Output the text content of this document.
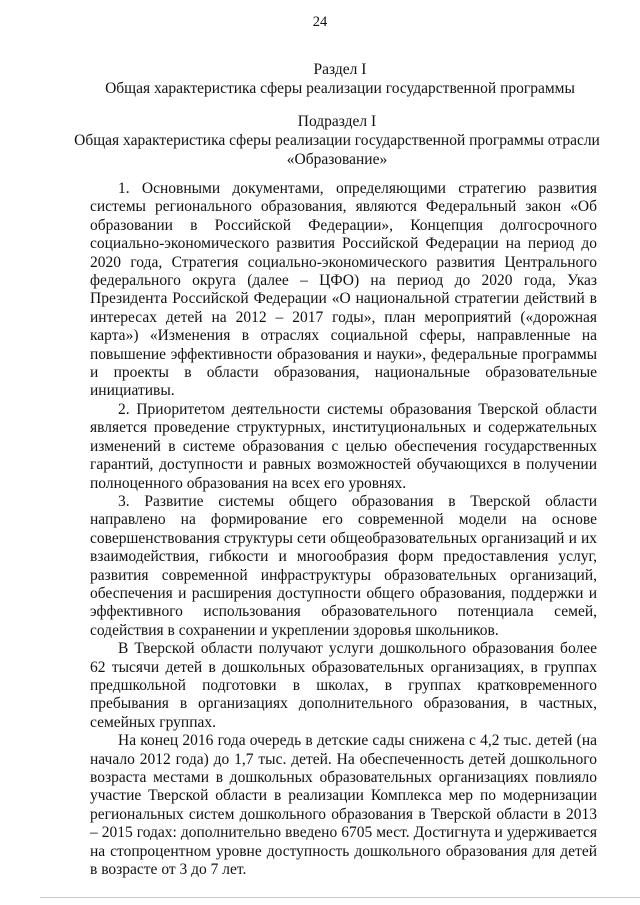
24

Раздел I

Общая характеристика сферы реализации государственной программы

Подраздел I

Общая характеристика сферы реализации государственной программы отрасли

«Образование»

1. Основными документами, определяющими стратегию развития системы регионального образования, являются Федеральный закон «Об образовании в Российской Федерации», Концепция долгосрочного социально-экономического развития Российской Федерации на период до 2020 года, Стратегия социально-экономического развития Центрального федерального округа (далее – ЦФО) на период до 2020 года, Указ Президента Российской Федерации «О национальной стратегии действий в интересах детей на 2012 – 2017 годы», план мероприятий («дорожная карта») «Изменения в отраслях социальной сферы, направленные на повышение эффективности образования и науки», федеральные программы и проекты в области образования, национальные образовательные инициативы.

2. Приоритетом деятельности системы образования Тверской области является проведение структурных, институциональных и содержательных изменений в системе образования с целью обеспечения государственных гарантий, доступности и равных возможностей обучающихся в получении полноценного образования на всех его уровнях.

3. Развитие системы общего образования в Тверской области направлено на формирование его современной модели на основе совершенствования структуры сети общеобразовательных организаций и их взаимодействия, гибкости и многообразия форм предоставления услуг, развития современной инфраструктуры образовательных организаций, обеспечения и расширения доступности общего образования, поддержки и эффективного использования образовательного потенциала семей, содействия в сохранении и укреплении здоровья школьников.

В Тверской области получают услуги дошкольного образования более 62 тысячи детей в дошкольных образовательных организациях, в группах предшкольной подготовки в школах, в группах кратковременного пребывания в организациях дополнительного образования, в частных, семейных группах.

На конец 2016 года очередь в детские сады снижена с 4,2 тыс. детей (на начало 2012 года) до 1,7 тыс. детей. На обеспеченность детей дошкольного возраста местами в дошкольных образовательных организациях повлияло участие Тверской области в реализации Комплекса мер по модернизации региональных систем дошкольного образования в Тверской области в 2013 – 2015 годах: дополнительно введено 6705 мест. Достигнута и удерживается на стопроцентном уровне доступность дошкольного образования для детей в возрасте от 3 до 7 лет.
